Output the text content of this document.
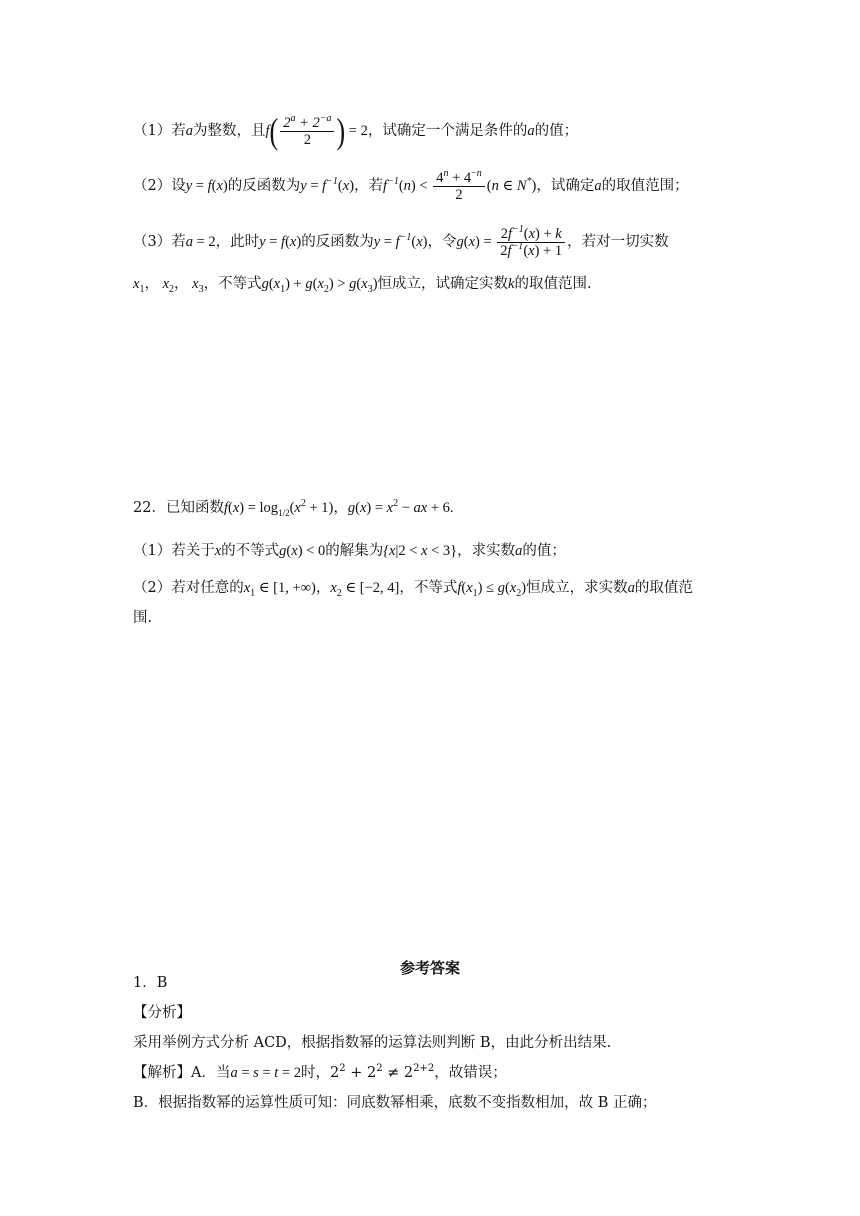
（1）若a为整数，且$f( \frac{2^a + 2^{-a}}{2}$ ) = 2，试确定一个满足条件的a的值；
（2）设y = f(x)的反函数为$y = f^{-1}(x)$，若$f^{-1}(n) < \frac{4^n + 4^{-n}}{2} (n$ ∈ N*)，试确定a的取值范围；
（3）若a = 2，此时y = f(x)的反函数为$y = f^{-1}(x)$，令$g(x) = \frac{2f^{-1}(x) + k}{2f^{-1}(x) + 1}$ ，若对一切实数
$x_1$， $x_2$， $x_3$，不等式$g(x_1) + g(x_2) > g(x_3)$恒成立，试确定实数k的取值范围.
22．已知函数$f(x) = \log_{1/2}(x^2 + 1)$，$g(x) = x^2$ − ax + 6.
（1）若关于x的不等式g(x) < 0的解集为{x|2 < x < 3}，求实数a的值；
（2）若对任意的$x_1$ ∈ [1, +∞)，$x_2$ ∈ [−2, 4]，不等式$f(x_1) \le g(x_2)$恒成立，求实数a的取值范
围.
参考答案
1．B
【分析】
采用举例方式分析 ACD，根据指数幂的运算法则判断 B，由此分析出结果.
【解析】A．当a = s = t = 2时，$2^2 + 2^2 \ne 2^{2+2}$，故错误；
B．根据指数幂的运算性质可知：同底数幂相乘，底数不变指数相加，故 B 正确；
